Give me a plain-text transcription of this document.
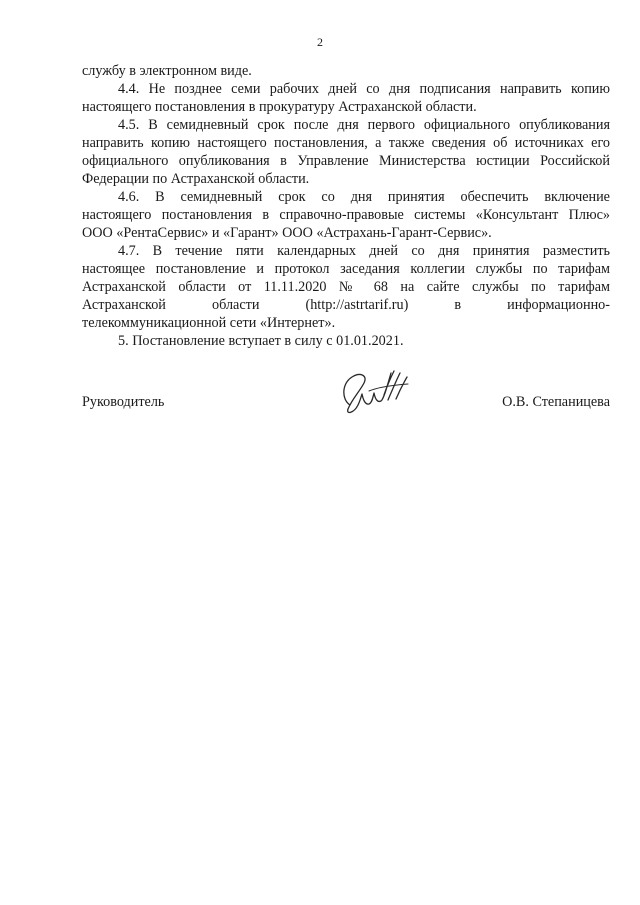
2
службу в электронном виде.
4.4. Не позднее семи рабочих дней со дня подписания направить копию
настоящего постановления в прокуратуру Астраханской области.
4.5. В семидневный срок после дня первого официального опубликования
направить копию настоящего постановления, а также сведения об источниках его
официального опубликования в Управление Министерства юстиции Российской
Федерации по Астраханской области.
4.6. В семидневный срок со дня принятия обеспечить включение
настоящего постановления в справочно-правовые системы «Консультант Плюс»
ООО «РентаСервис» и «Гарант» ООО «Астрахань-Гарант-Сервис».
4.7. В течение пяти календарных дней со дня принятия разместить
настоящее постановление и протокол заседания коллегии службы по тарифам
Астраханской области от 11.11.2020 № 68 на сайте службы по тарифам
Астраханской области (http://astrtarif.ru) в информационно-
телекоммуникационной сети «Интернет».
5. Постановление вступает в силу с 01.01.2021.
Руководитель	О.В. Степаницева
